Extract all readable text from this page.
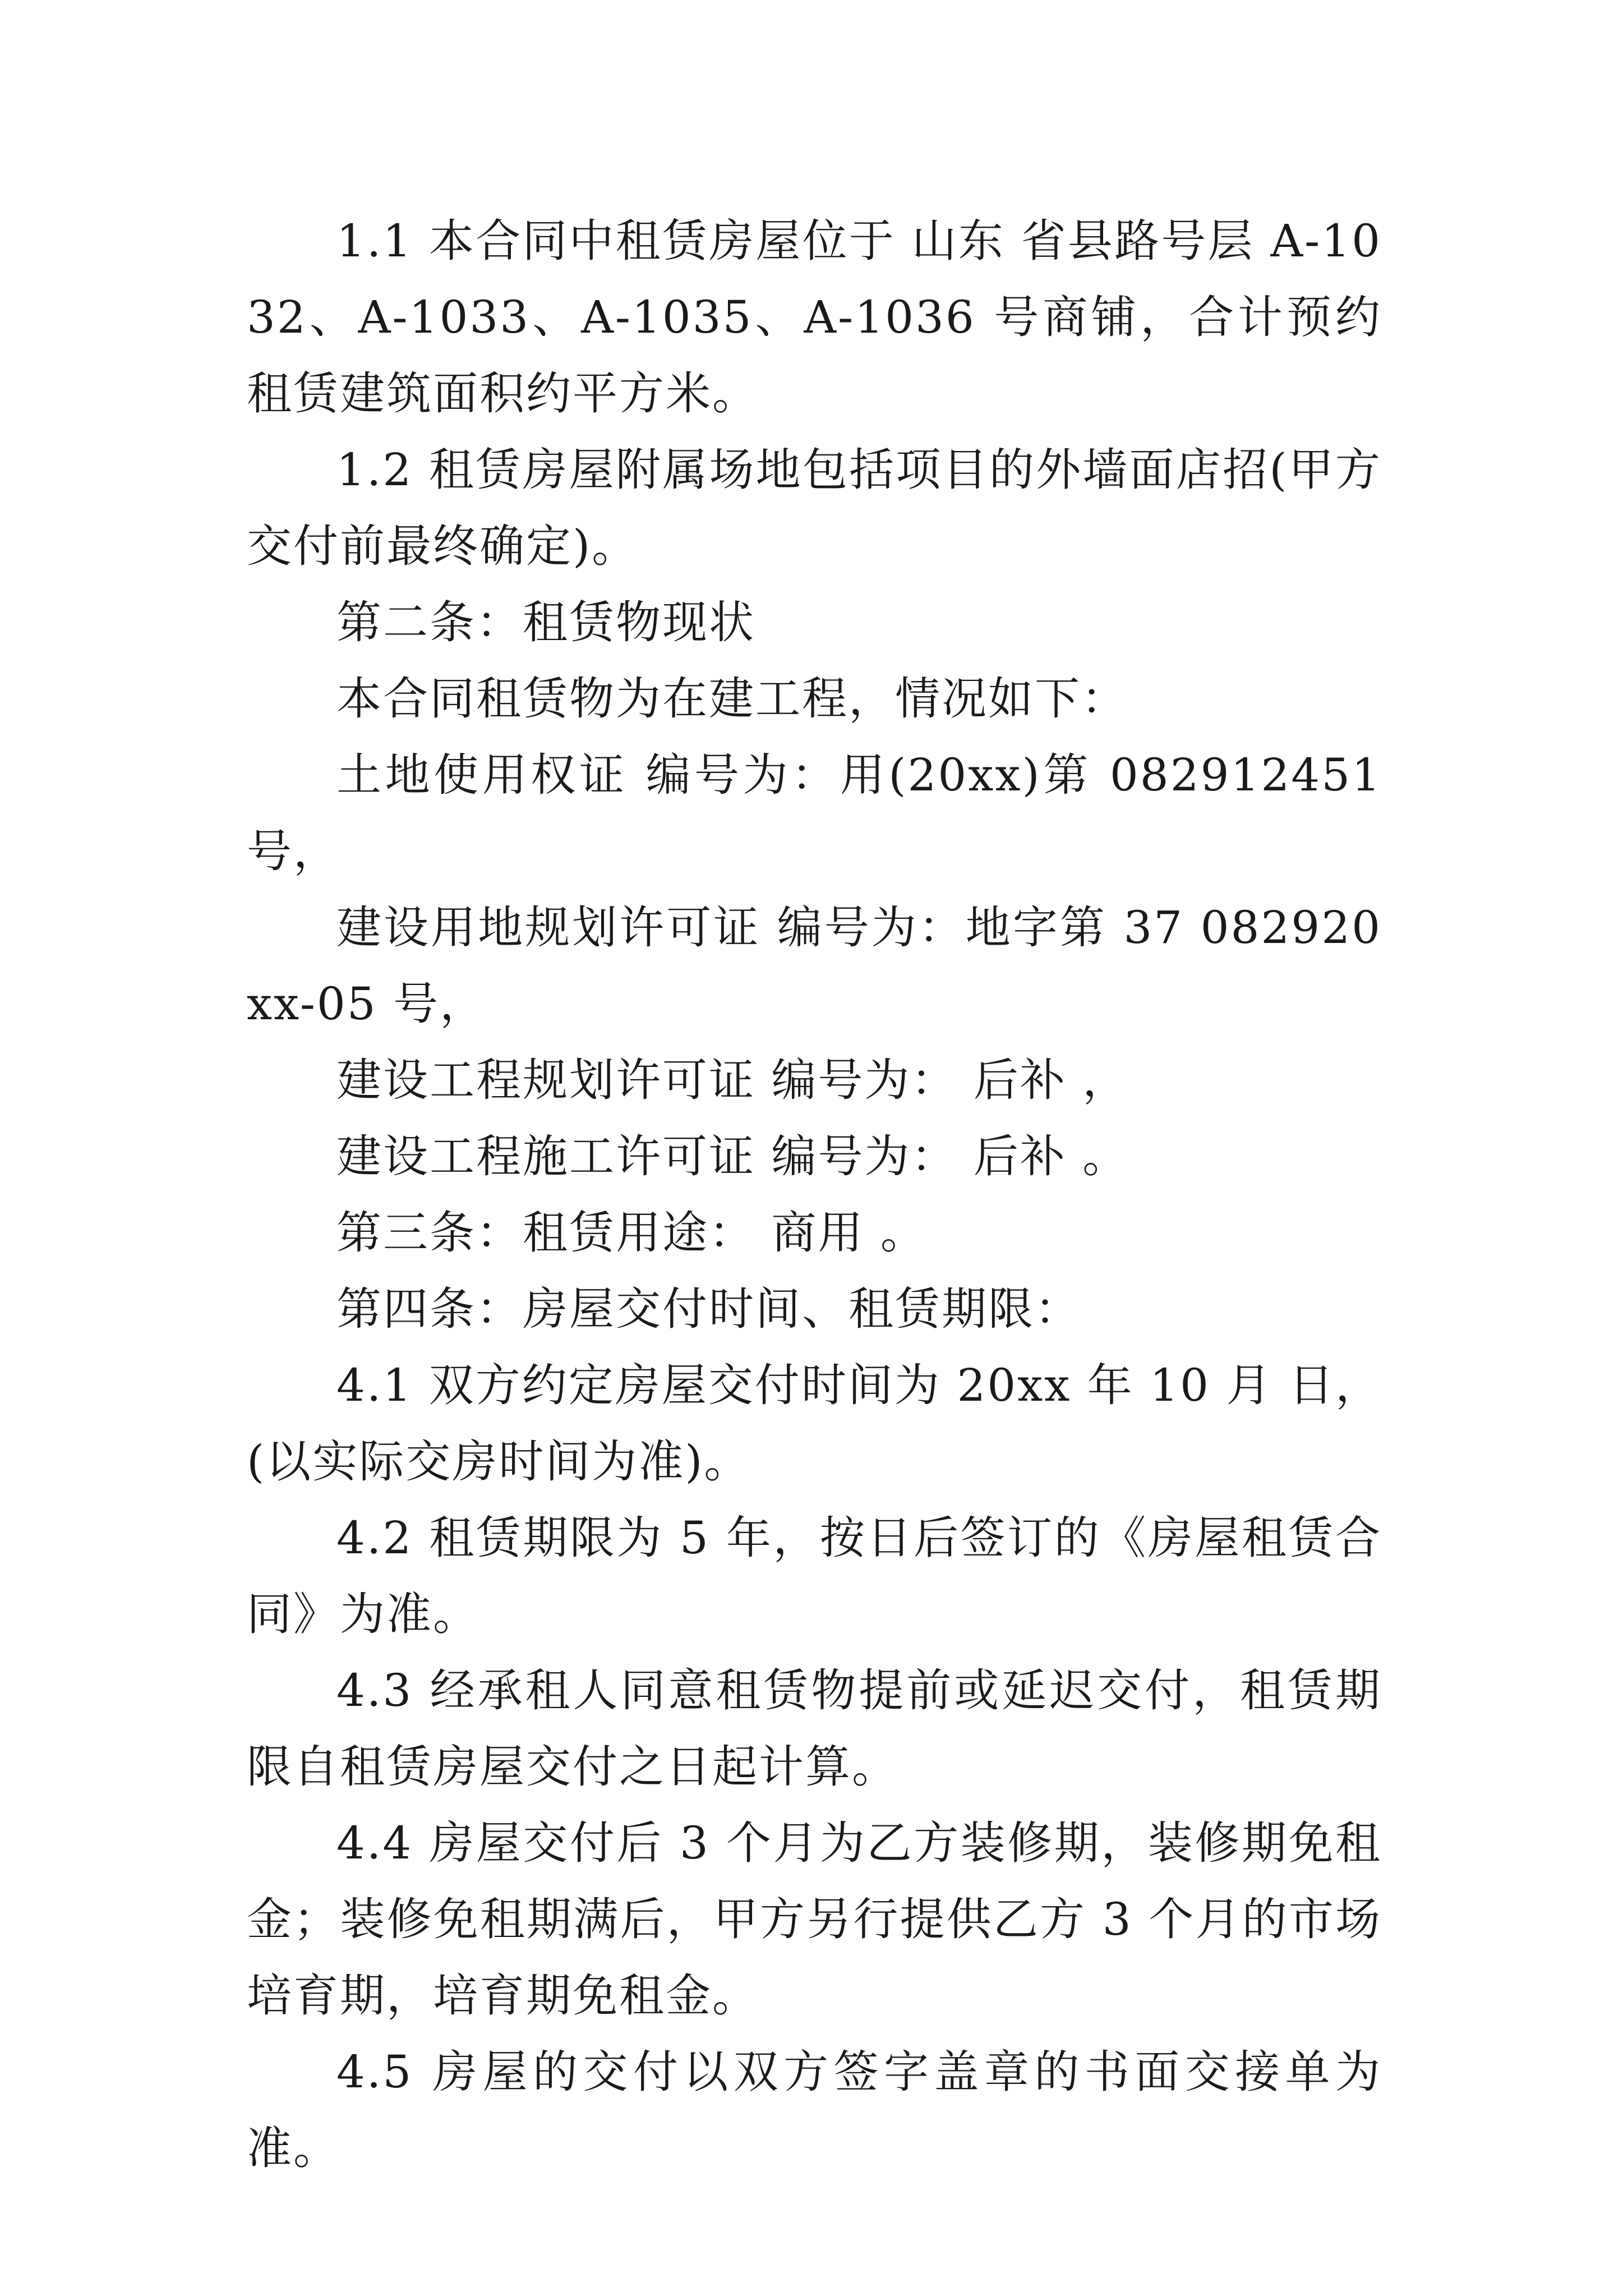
1.1 本合同中租赁房屋位于 山东 省县路号层 A-1032、A-1033、A-1035、A-1036 号商铺，合计预约租赁建筑面积约平方米。

1.2 租赁房屋附属场地包括项目的外墙面店招(甲方交付前最终确定)。

第二条：租赁物现状

本合同租赁物为在建工程，情况如下：

土地使用权证 编号为：用(20xx)第 082912451 号，

建设用地规划许可证 编号为：地字第 37 082920xx-05 号，

建设工程规划许可证 编号为： 后补 ，

建设工程施工许可证 编号为： 后补 。

第三条：租赁用途： 商用 。

第四条：房屋交付时间、租赁期限：

4.1 双方约定房屋交付时间为 20xx 年 10 月 日，(以实际交房时间为准)。

4.2 租赁期限为 5 年，按日后签订的《房屋租赁合同》为准。

4.3 经承租人同意租赁物提前或延迟交付，租赁期限自租赁房屋交付之日起计算。

4.4 房屋交付后 3 个月为乙方装修期，装修期免租金；装修免租期满后，甲方另行提供乙方 3 个月的市场培育期，培育期免租金。

4.5 房屋的交付以双方签字盖章的书面交接单为准。
